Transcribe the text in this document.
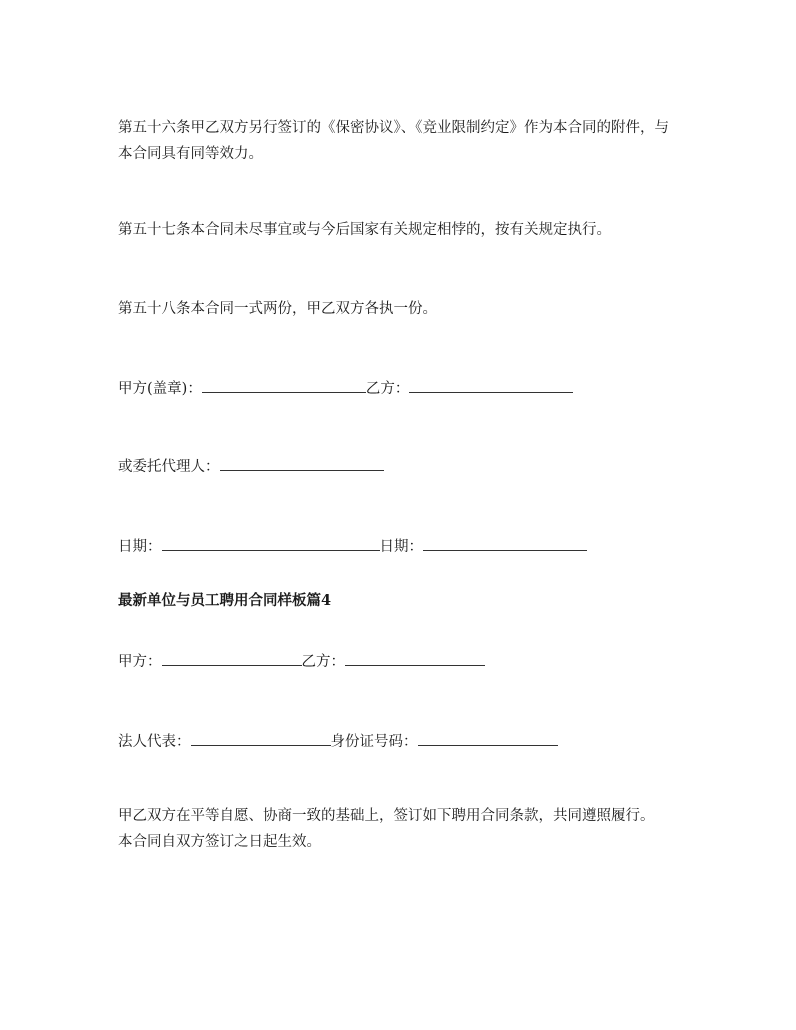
第五十六条甲乙双方另行签订的《保密协议》、《竞业限制约定》作为本合同的附件，与本合同具有同等效力。

第五十七条本合同未尽事宜或与今后国家有关规定相悖的，按有关规定执行。

第五十八条本合同一式两份，甲乙双方各执一份。

甲方(盖章)：	乙方：
或委托代理人：
日期：	日期：
最新单位与员工聘用合同样板篇4
甲方：	乙方：
法人代表：	身份证号码：

甲乙双方在平等自愿、协商一致的基础上，签订如下聘用合同条款，共同遵照履行。本合同自双方签订之日起生效。
